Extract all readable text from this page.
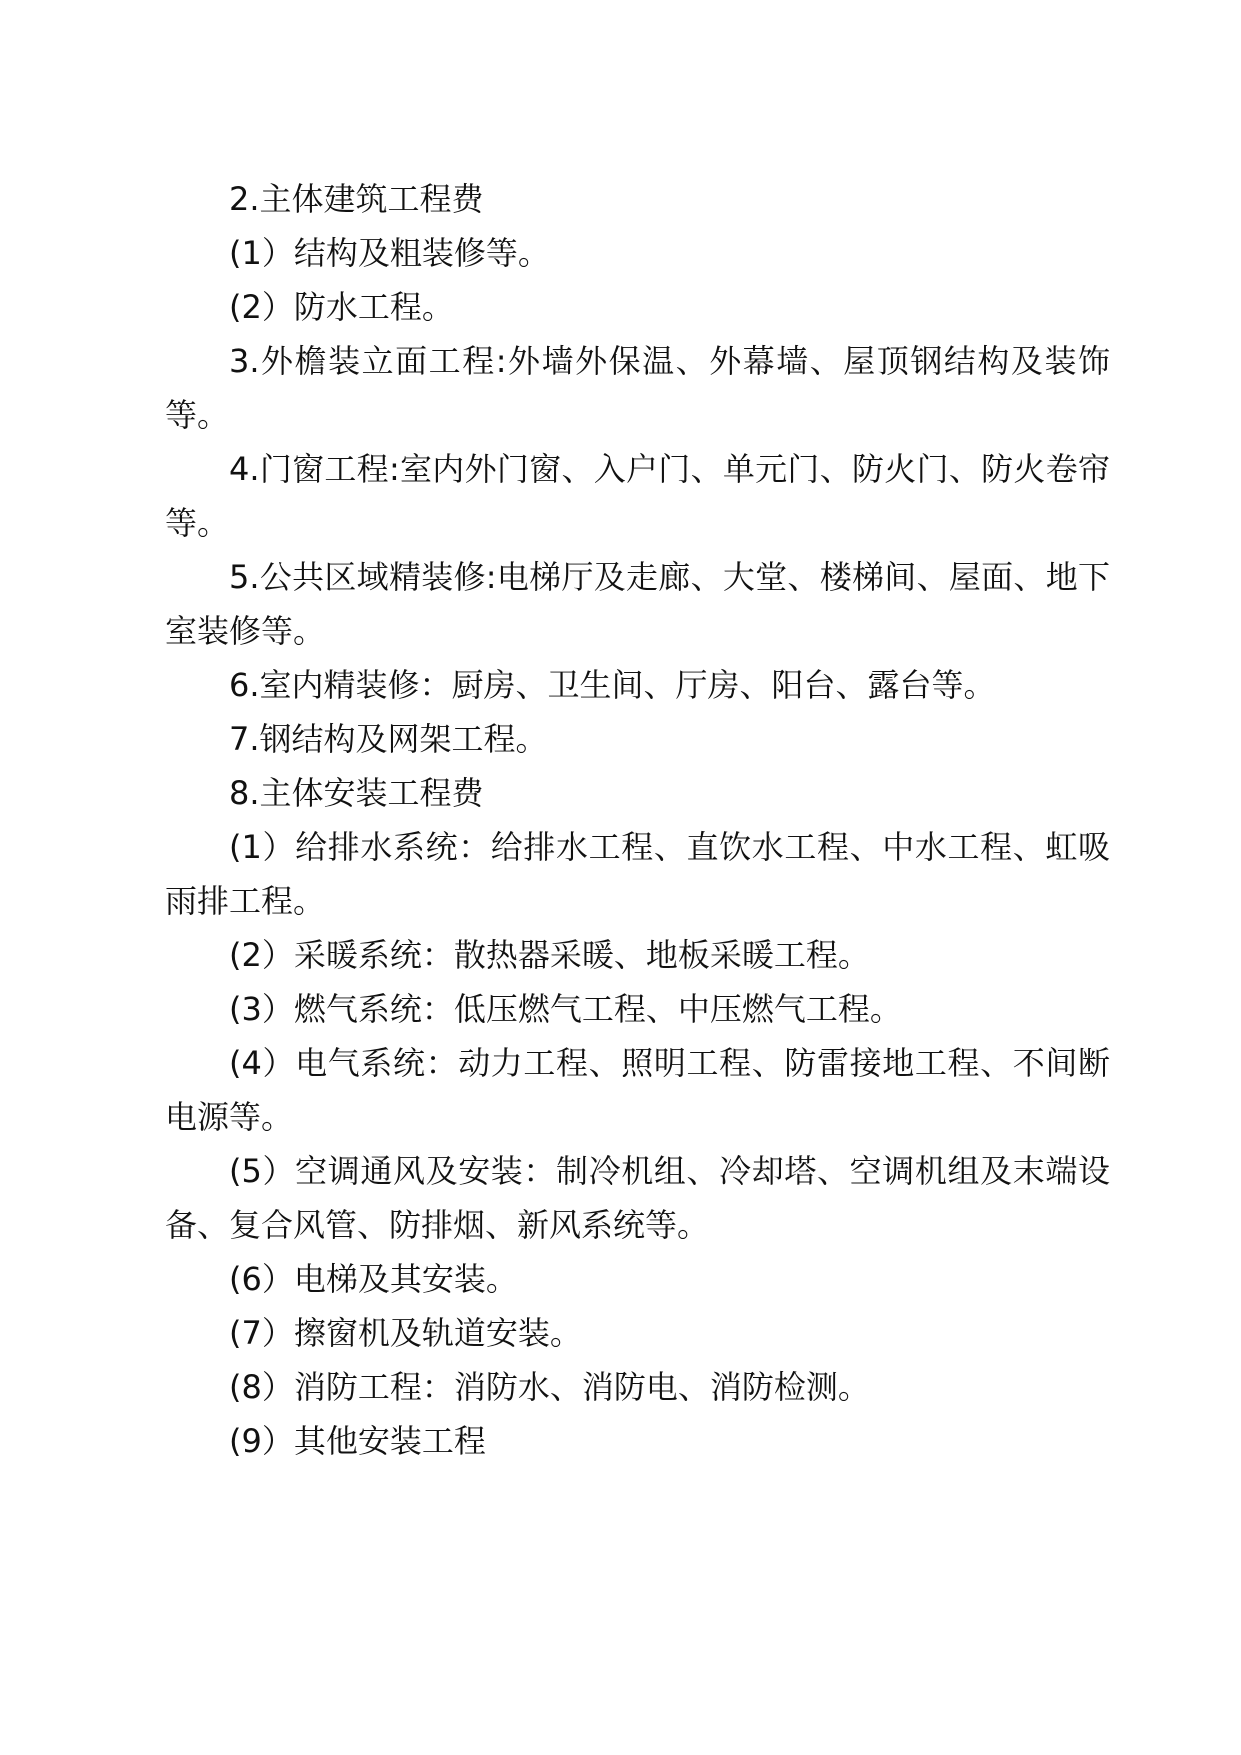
2.主体建筑工程费

(1）结构及粗装修等。

(2）防水工程。

3.外檐装立面工程:外墙外保温、外幕墙、屋顶钢结构及装饰等。

4.门窗工程:室内外门窗、入户门、单元门、防火门、防火卷帘等。

5.公共区域精装修:电梯厅及走廊、大堂、楼梯间、屋面、地下室装修等。

6.室内精装修：厨房、卫生间、厅房、阳台、露台等。

7.钢结构及网架工程。

8.主体安装工程费

(1）给排水系统：给排水工程、直饮水工程、中水工程、虹吸雨排工程。

(2）采暖系统：散热器采暖、地板采暖工程。

(3）燃气系统：低压燃气工程、中压燃气工程。

(4）电气系统：动力工程、照明工程、防雷接地工程、不间断电源等。

(5）空调通风及安装：制冷机组、冷却塔、空调机组及末端设备、复合风管、防排烟、新风系统等。

(6）电梯及其安装。

(7）擦窗机及轨道安装。

(8）消防工程：消防水、消防电、消防检测。

(9）其他安装工程
